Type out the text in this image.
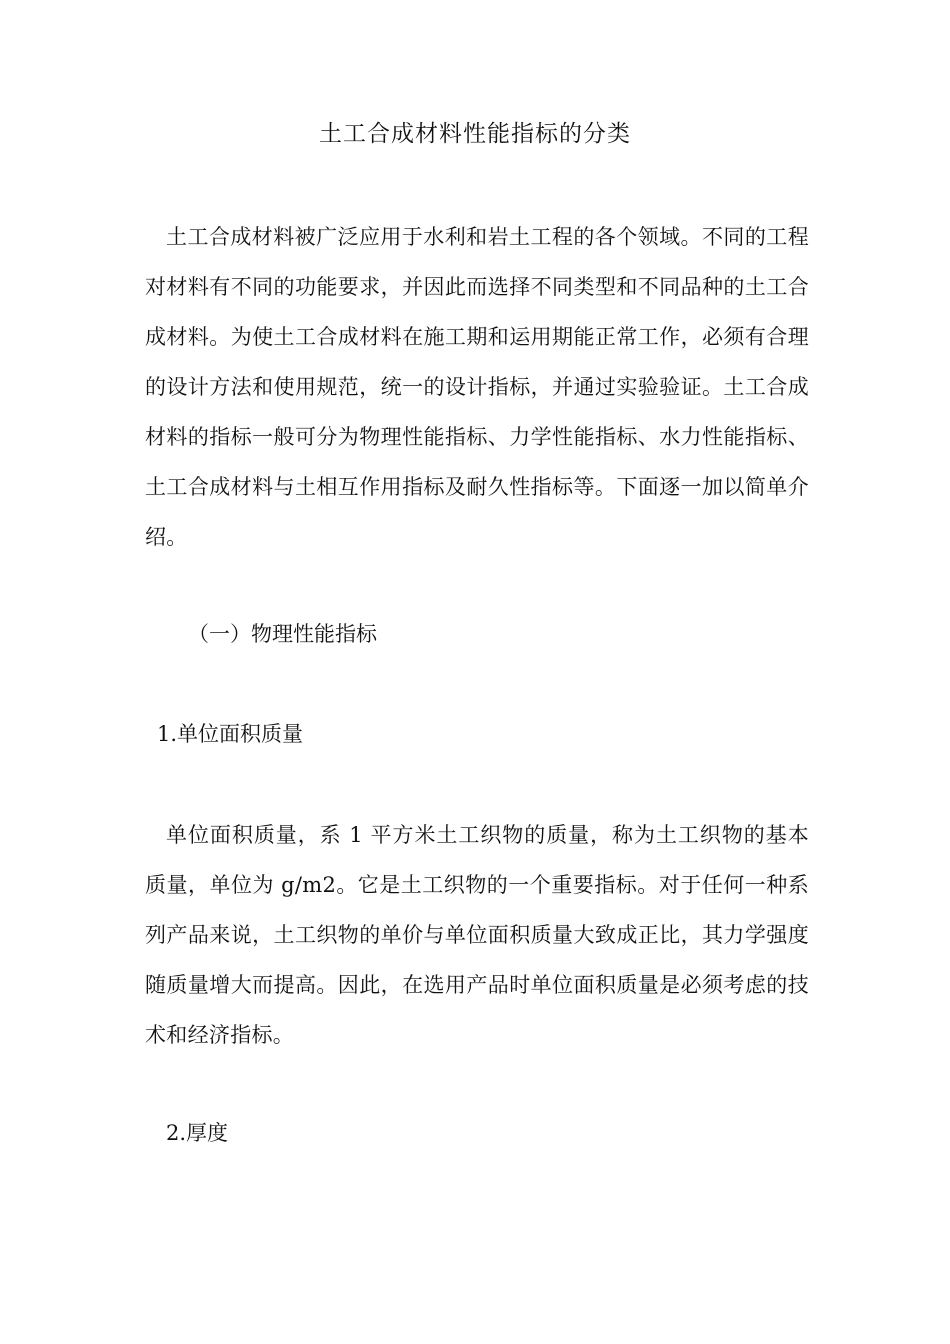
土工合成材料性能指标的分类

土工合成材料被广泛应用于水利和岩土工程的各个领域。不同的工程对材料有不同的功能要求，并因此而选择不同类型和不同品种的土工合成材料。为使土工合成材料在施工期和运用期能正常工作，必须有合理的设计方法和使用规范，统一的设计指标，并通过实验验证。土工合成材料的指标一般可分为物理性能指标、力学性能指标、水力性能指标、土工合成材料与土相互作用指标及耐久性指标等。下面逐一加以简单介绍。

（一）物理性能指标

1.单位面积质量

单位面积质量，系 1 平方米土工织物的质量，称为土工织物的基本质量，单位为 g/m2。它是土工织物的一个重要指标。对于任何一种系列产品来说，土工织物的单价与单位面积质量大致成正比，其力学强度随质量增大而提高。因此，在选用产品时单位面积质量是必须考虑的技术和经济指标。

2.厚度
